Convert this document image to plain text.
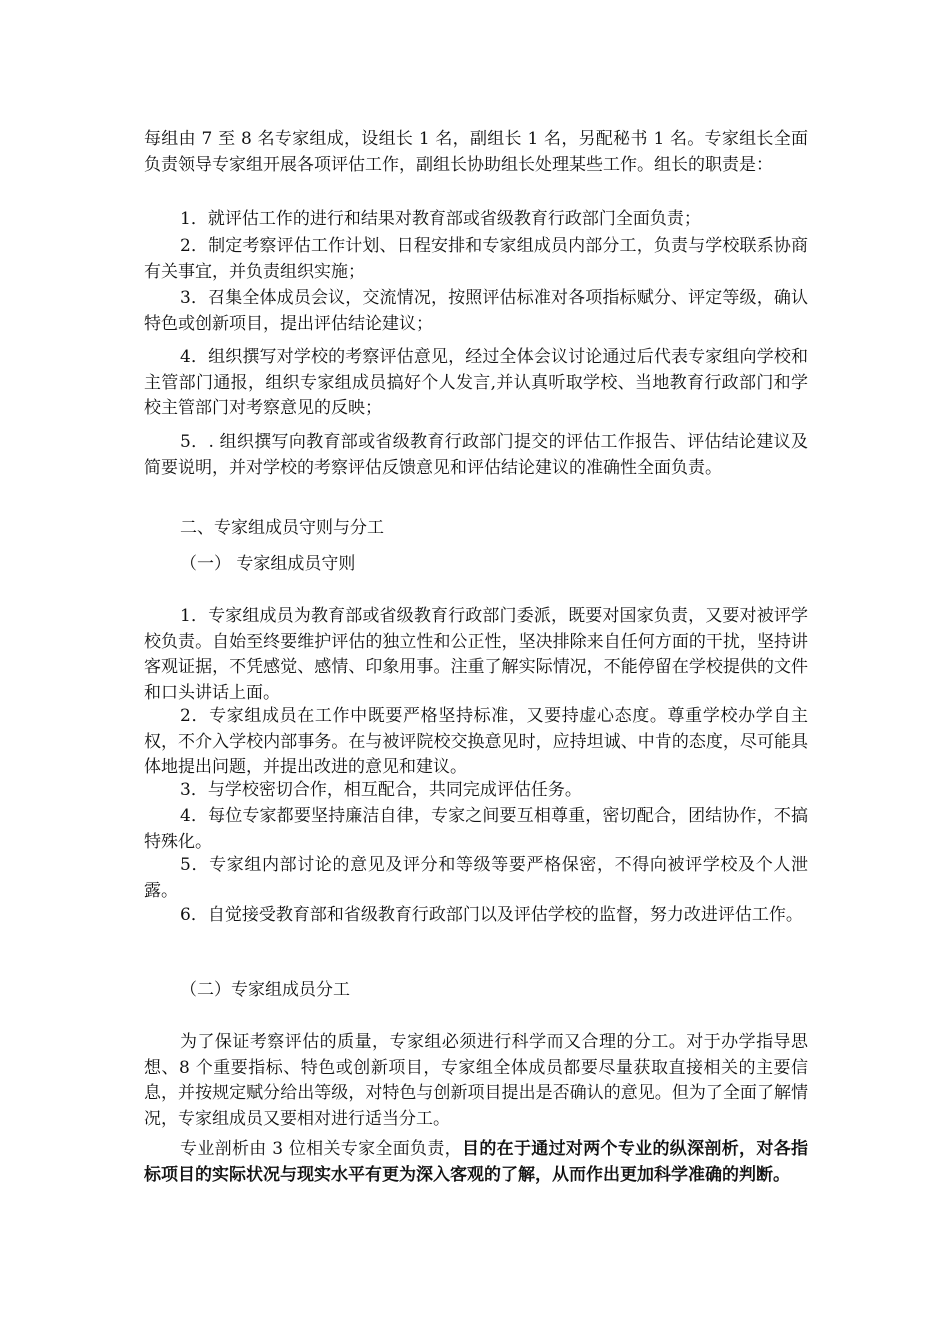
每组由 7 至 8 名专家组成，设组长 1 名，副组长 1 名，另配秘书 1 名。专家组长全面负责领导专家组开展各项评估工作，副组长协助组长处理某些工作。组长的职责是：

1．就评估工作的进行和结果对教育部或省级教育行政部门全面负责；

2．制定考察评估工作计划、日程安排和专家组成员内部分工，负责与学校联系协商有关事宜，并负责组织实施；

3．召集全体成员会议，交流情况，按照评估标准对各项指标赋分、评定等级，确认特色或创新项目，提出评估结论建议；

4．组织撰写对学校的考察评估意见，经过全体会议讨论通过后代表专家组向学校和主管部门通报，组织专家组成员搞好个人发言,并认真听取学校、当地教育行政部门和学校主管部门对考察意见的反映；

5．. 组织撰写向教育部或省级教育行政部门提交的评估工作报告、评估结论建议及简要说明，并对学校的考察评估反馈意见和评估结论建议的准确性全面负责。

二、专家组成员守则与分工

（一） 专家组成员守则

1．专家组成员为教育部或省级教育行政部门委派，既要对国家负责，又要对被评学校负责。自始至终要维护评估的独立性和公正性，坚决排除来自任何方面的干扰，坚持讲客观证据，不凭感觉、感情、印象用事。注重了解实际情况，不能停留在学校提供的文件和口头讲话上面。

2．专家组成员在工作中既要严格坚持标准，又要持虚心态度。尊重学校办学自主权，不介入学校内部事务。在与被评院校交换意见时，应持坦诚、中肯的态度，尽可能具体地提出问题，并提出改进的意见和建议。

3．与学校密切合作，相互配合，共同完成评估任务。

4．每位专家都要坚持廉洁自律，专家之间要互相尊重，密切配合，团结协作，不搞特殊化。

5．专家组内部讨论的意见及评分和等级等要严格保密，不得向被评学校及个人泄露。

6．自觉接受教育部和省级教育行政部门以及评估学校的监督，努力改进评估工作。

（二）专家组成员分工

为了保证考察评估的质量，专家组必须进行科学而又合理的分工。对于办学指导思想、8 个重要指标、特色或创新项目，专家组全体成员都要尽量获取直接相关的主要信息，并按规定赋分给出等级，对特色与创新项目提出是否确认的意见。但为了全面了解情况，专家组成员又要相对进行适当分工。

专业剖析由 3 位相关专家全面负责，目的在于通过对两个专业的纵深剖析，对各指标项目的实际状况与现实水平有更为深入客观的了解，从而作出更加科学准确的判断。
